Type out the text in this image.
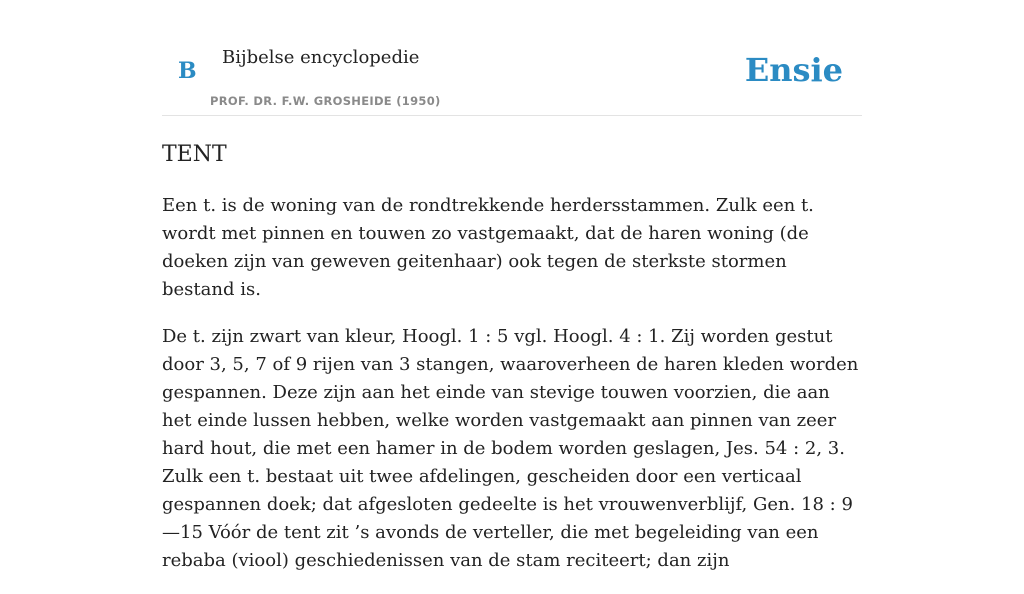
B
Bijbelse encyclopedie
PROF. DR. F.W. GROSHEIDE (1950)
Ensie
TENT

Een t. is de woning van de rondtrekkende herdersstammen. Zulk een t. wordt met pinnen en touwen zo vastgemaakt, dat de haren woning (de doeken zijn van geweven geitenhaar) ook tegen de sterkste stormen bestand is.

De t. zijn zwart van kleur, Hoogl. 1 : 5 vgl. Hoogl. 4 : 1. Zij worden gestut door 3, 5, 7 of 9 rijen van 3 stangen, waaroverheen de haren kleden worden gespannen. Deze zijn aan het einde van stevige touwen voorzien, die aan het einde lussen hebben, welke worden vastgemaakt aan pinnen van zeer hard hout, die met een hamer in de bodem worden geslagen, Jes. 54 : 2, 3. Zulk een t. bestaat uit twee afdelingen, gescheiden door een verticaal gespannen doek; dat afgesloten gedeelte is het vrouwenverblijf, Gen. 18 : 9—15 Vóór de tent zit ’s avonds de verteller, die met begeleiding van een rebaba (viool) geschiedenissen van de stam reciteert; dan zijn
